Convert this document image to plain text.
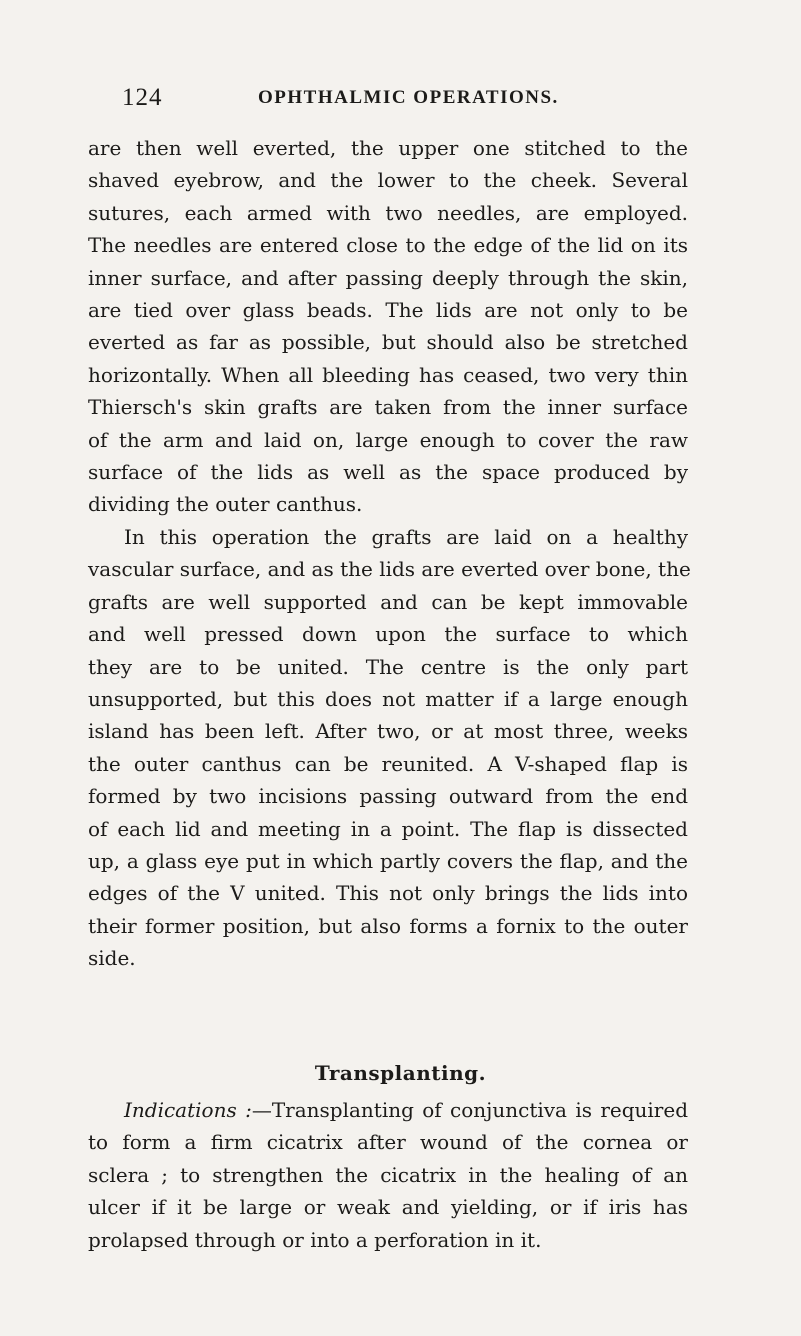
124	OPHTHALMIC OPERATIONS.
are then well everted, the upper one stitched to the
shaved eyebrow, and the lower to the cheek. Several
sutures, each armed with two needles, are employed.
The needles are entered close to the edge of the lid on its
inner surface, and after passing deeply through the skin,
are tied over glass beads. The lids are not only to be
everted as far as possible, but should also be stretched
horizontally. When all bleeding has ceased, two very thin
Thiersch's skin grafts are taken from the inner surface
of the arm and laid on, large enough to cover the raw
surface of the lids as well as the space produced by
dividing the outer canthus.
In this operation the grafts are laid on a healthy
vascular surface, and as the lids are everted over bone, the
grafts are well supported and can be kept immovable
and well pressed down upon the surface to which
they are to be united. The centre is the only part
unsupported, but this does not matter if a large enough
island has been left. After two, or at most three, weeks
the outer canthus can be reunited. A V-shaped flap is
formed by two incisions passing outward from the end
of each lid and meeting in a point. The flap is dissected
up, a glass eye put in which partly covers the flap, and the
edges of the V united. This not only brings the lids into
their former position, but also forms a fornix to the outer
side.
Transplanting.
Indications :—Transplanting of conjunctiva is required
to form a firm cicatrix after wound of the cornea or
sclera ; to strengthen the cicatrix in the healing of an
ulcer if it be large or weak and yielding, or if iris has
prolapsed through or into a perforation in it.
